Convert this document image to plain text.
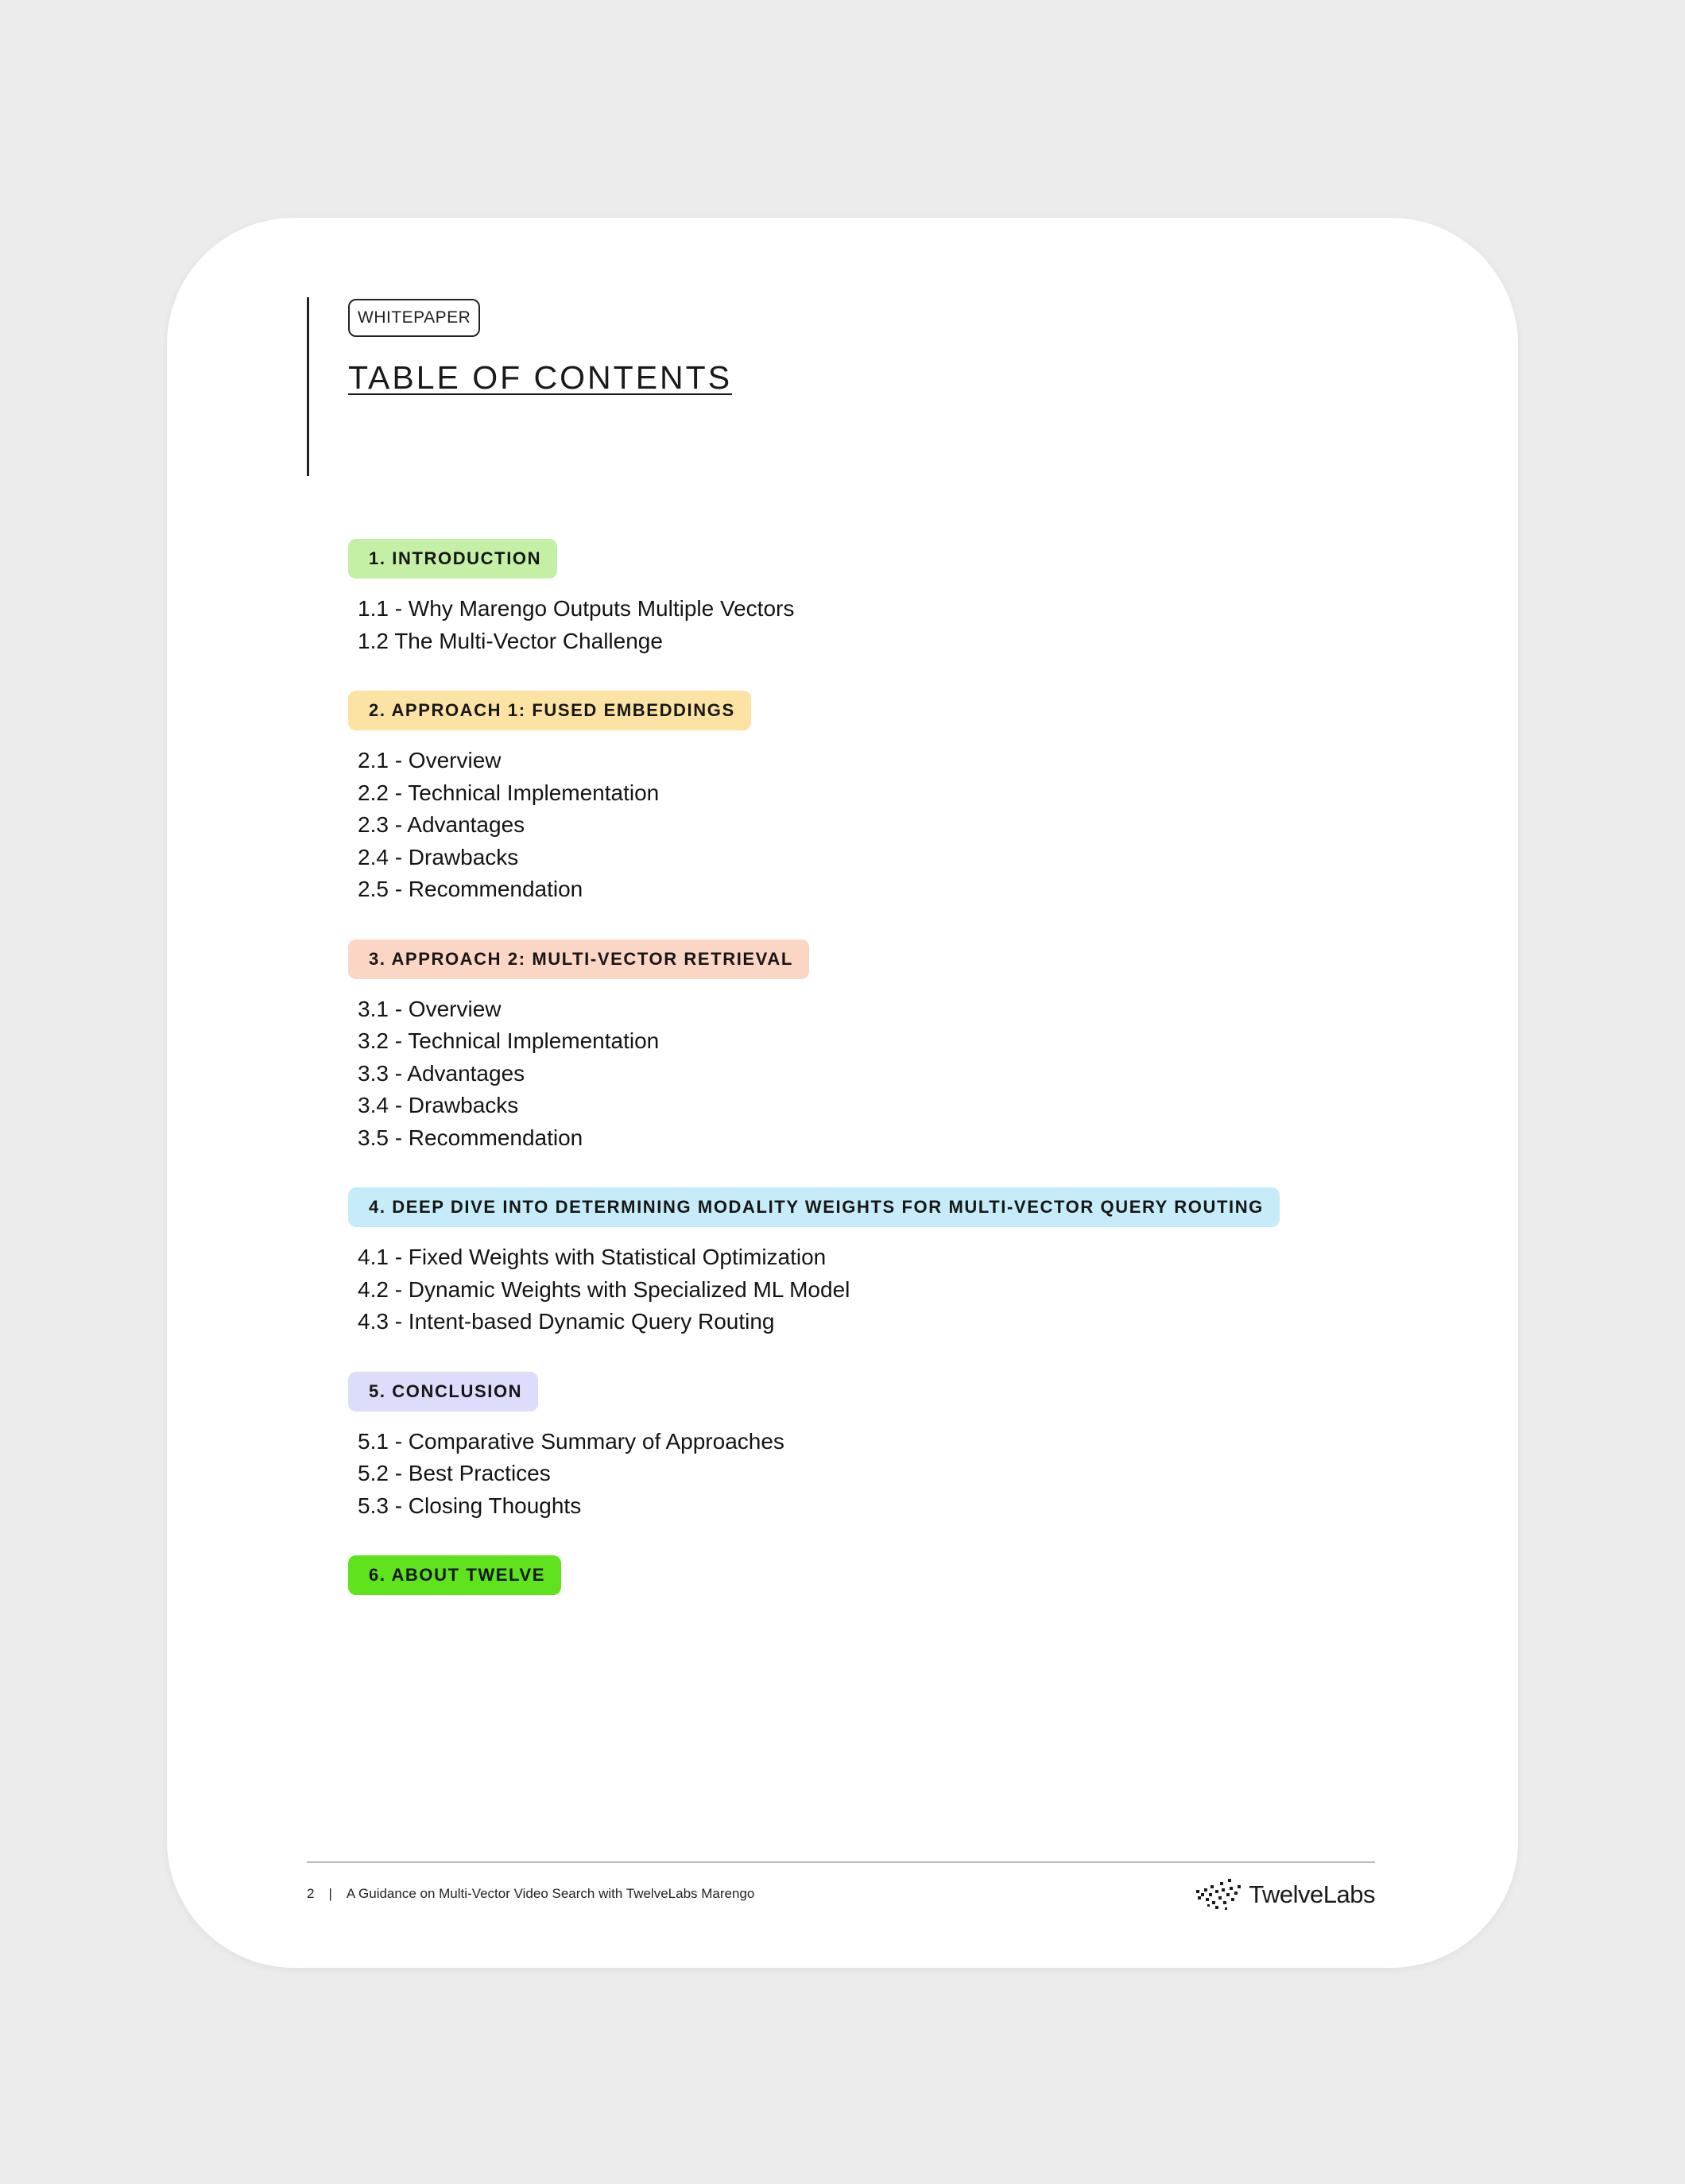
WHITEPAPER
TABLE OF CONTENTS
1. INTRODUCTION
1.1 - Why Marengo Outputs Multiple Vectors
1.2 The Multi-Vector Challenge
2. APPROACH 1: FUSED EMBEDDINGS
2.1 - Overview
2.2 - Technical Implementation
2.3 - Advantages
2.4 - Drawbacks
2.5 - Recommendation
3. APPROACH 2: MULTI-VECTOR RETRIEVAL
3.1 - Overview
3.2 - Technical Implementation
3.3 - Advantages
3.4 - Drawbacks
3.5 - Recommendation
4. DEEP DIVE INTO DETERMINING MODALITY WEIGHTS FOR MULTI-VECTOR QUERY ROUTING
4.1 - Fixed Weights with Statistical Optimization
4.2 - Dynamic Weights with Specialized ML Model
4.3 - Intent-based Dynamic Query Routing
5. CONCLUSION
5.1 - Comparative Summary of Approaches
5.2 - Best Practices
5.3 - Closing Thoughts
6. ABOUT TWELVE
2 | A Guidance on Multi-Vector Video Search with TwelveLabs Marengo	TwelveLabs
